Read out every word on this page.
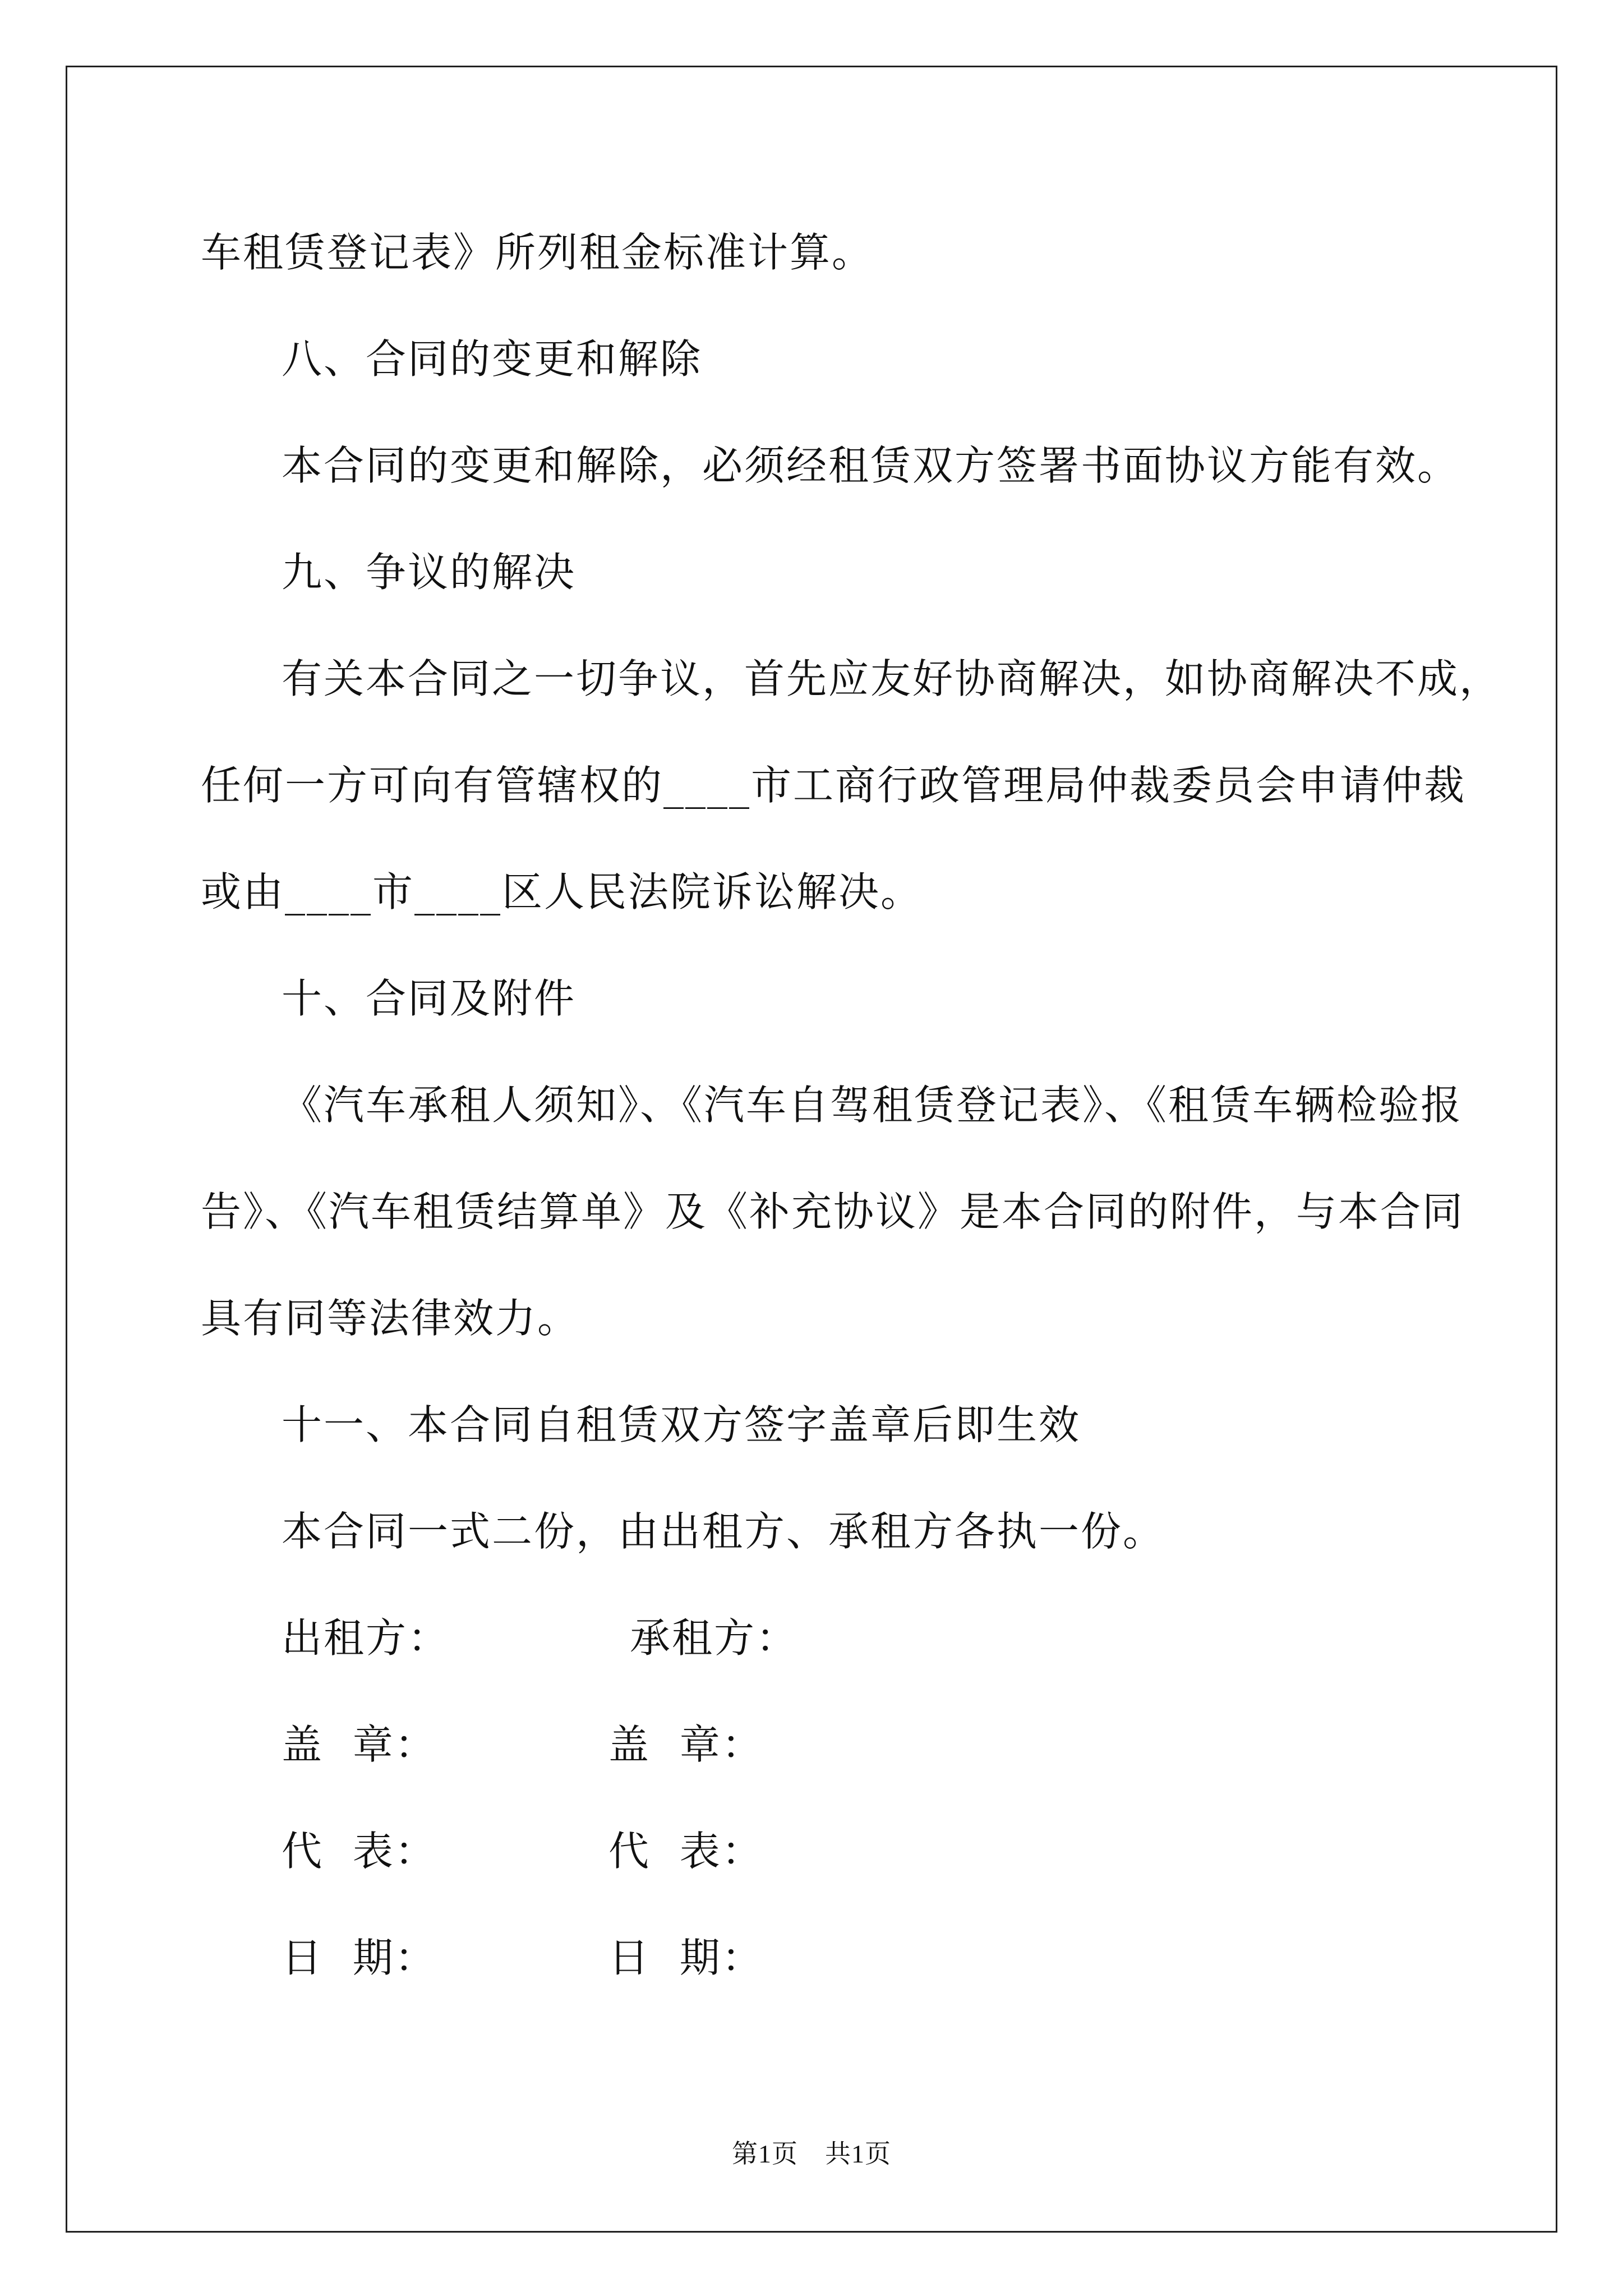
车租赁登记表》所列租金标准计算。
八、合同的变更和解除
本合同的变更和解除，必须经租赁双方签署书面协议方能有效。
九、争议的解决
有关本合同之一切争议，首先应友好协商解决，如协商解决不成，
任何一方可向有管辖权的____市工商行政管理局仲裁委员会申请仲裁
或由____市____区人民法院诉讼解决。
十、合同及附件
《汽车承租人须知》、《汽车自驾租赁登记表》、《租赁车辆检验报
告》、《汽车租赁结算单》及《补充协议》是本合同的附件，与本合同
具有同等法律效力。
十一、本合同自租赁双方签字盖章后即生效
本合同一式二份，由出租方、承租方各执一份。
出租方：	承租方：
盖  章：	盖  章：
代  表：	代  表：
日  期：	日  期：
第1页 共1页
